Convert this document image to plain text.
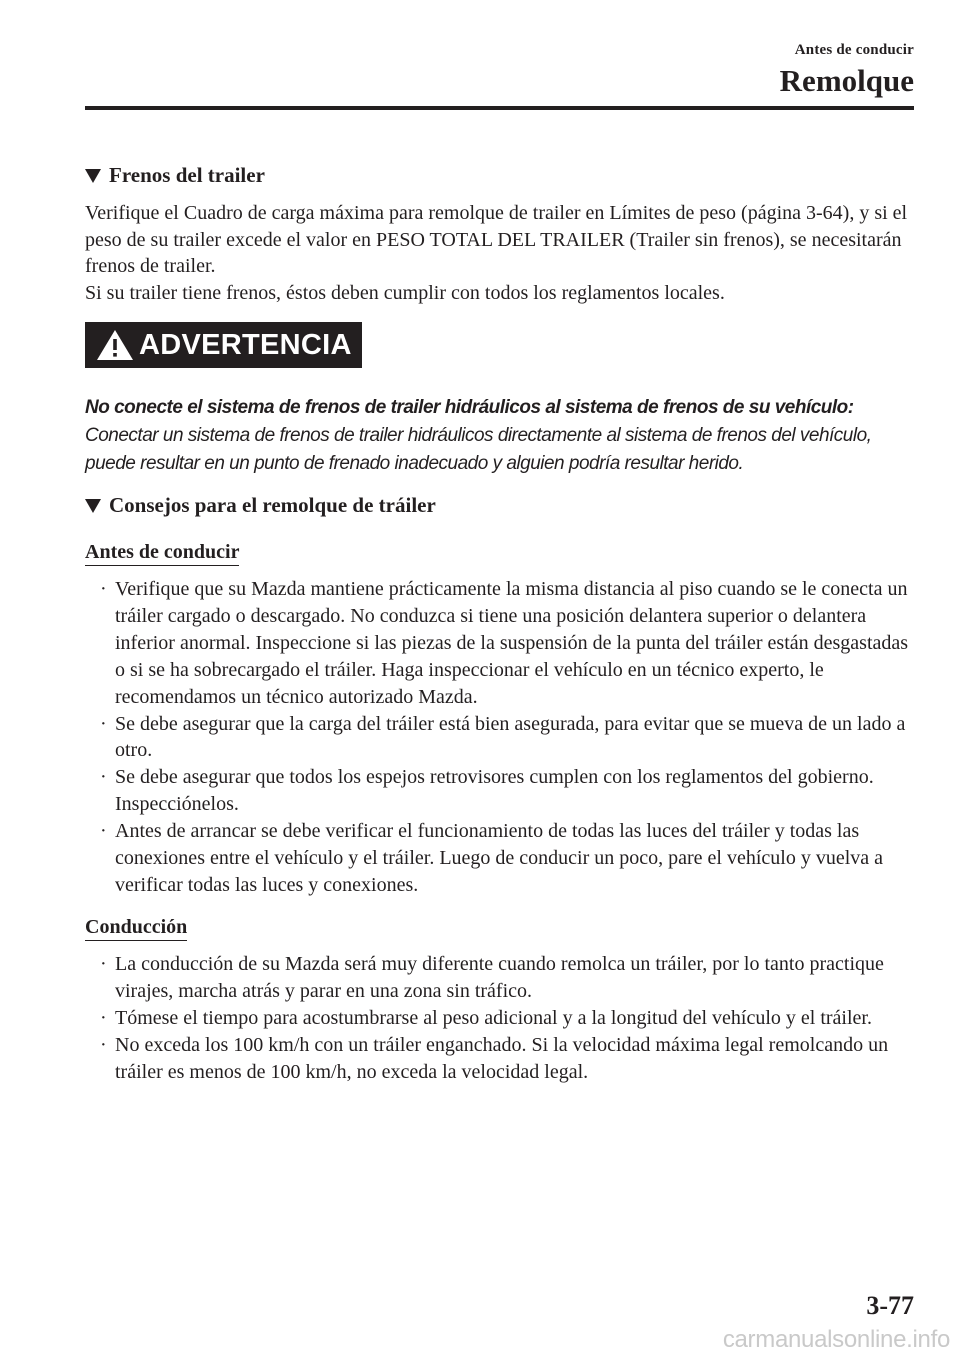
Antes de conducir
Remolque
Frenos del trailer

Verifique el Cuadro de carga máxima para remolque de trailer en Límites de peso (página 3-64), y si el peso de su trailer excede el valor en PESO TOTAL DEL TRAILER (Trailer sin frenos), se necesitarán frenos de trailer.

Si su trailer tiene frenos, éstos deben cumplir con todos los reglamentos locales.

ADVERTENCIA

No conecte el sistema de frenos de trailer hidráulicos al sistema de frenos de su vehículo:

Conectar un sistema de frenos de trailer hidráulicos directamente al sistema de frenos del vehículo, puede resultar en un punto de frenado inadecuado y alguien podría resultar herido.

Consejos para el remolque de tráiler
Antes de conducir
· Verifique que su Mazda mantiene prácticamente la misma distancia al piso cuando se le conecta un tráiler cargado o descargado. No conduzca si tiene una posición delantera superior o delantera inferior anormal. Inspeccione si las piezas de la suspensión de la punta del tráiler están desgastadas o si se ha sobrecargado el tráiler. Haga inspeccionar el vehículo en un técnico experto, le recomendamos un técnico autorizado Mazda.
· Se debe asegurar que la carga del tráiler está bien asegurada, para evitar que se mueva de un lado a otro.
· Se debe asegurar que todos los espejos retrovisores cumplen con los reglamentos del gobierno. Inspecciónelos.
· Antes de arrancar se debe verificar el funcionamiento de todas las luces del tráiler y todas las conexiones entre el vehículo y el tráiler. Luego de conducir un poco, pare el vehículo y vuelva a verificar todas las luces y conexiones.
Conducción
· La conducción de su Mazda será muy diferente cuando remolca un tráiler, por lo tanto practique virajes, marcha atrás y parar en una zona sin tráfico.
· Tómese el tiempo para acostumbrarse al peso adicional y a la longitud del vehículo y el tráiler.
· No exceda los 100 km/h con un tráiler enganchado. Si la velocidad máxima legal remolcando un tráiler es menos de 100 km/h, no exceda la velocidad legal.
3-77
carmanualsonline.info
